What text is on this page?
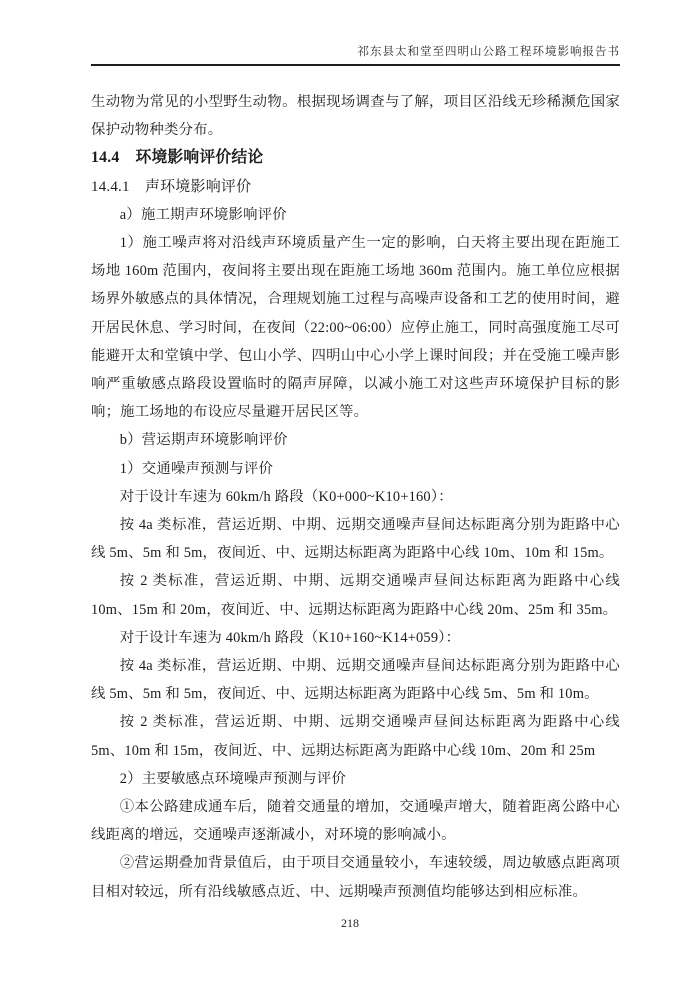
祁东县太和堂至四明山公路工程环境影响报告书

生动物为常见的小型野生动物。根据现场调查与了解，项目区沿线无珍稀濒危国家保护动物种类分布。

14.4　环境影响评价结论

14.4.1　声环境影响评价

a）施工期声环境影响评价

1）施工噪声将对沿线声环境质量产生一定的影响，白天将主要出现在距施工场地 160m 范围内，夜间将主要出现在距施工场地 360m 范围内。施工单位应根据场界外敏感点的具体情况，合理规划施工过程与高噪声设备和工艺的使用时间，避开居民休息、学习时间，在夜间（22:00~06:00）应停止施工，同时高强度施工尽可能避开太和堂镇中学、包山小学、四明山中心小学上课时间段；并在受施工噪声影响严重敏感点路段设置临时的隔声屏障，以减小施工对这些声环境保护目标的影响；施工场地的布设应尽量避开居民区等。

b）营运期声环境影响评价

1）交通噪声预测与评价

对于设计车速为 60km/h 路段（K0+000~K10+160）：

按 4a 类标准，营运近期、中期、远期交通噪声昼间达标距离分别为距路中心线 5m、5m 和 5m，夜间近、中、远期达标距离为距路中心线 10m、10m 和 15m。

按 2 类标准，营运近期、中期、远期交通噪声昼间达标距离为距路中心线 10m、15m 和 20m，夜间近、中、远期达标距离为距路中心线 20m、25m 和 35m。

对于设计车速为 40km/h 路段（K10+160~K14+059）：

按 4a 类标准，营运近期、中期、远期交通噪声昼间达标距离分别为距路中心线 5m、5m 和 5m，夜间近、中、远期达标距离为距路中心线 5m、5m 和 10m。

按 2 类标准，营运近期、中期、远期交通噪声昼间达标距离为距路中心线 5m、10m 和 15m，夜间近、中、远期达标距离为距路中心线 10m、20m 和 25m

2）主要敏感点环境噪声预测与评价

①本公路建成通车后，随着交通量的增加，交通噪声增大，随着距离公路中心线距离的增远，交通噪声逐渐减小，对环境的影响减小。

②营运期叠加背景值后，由于项目交通量较小，车速较缓，周边敏感点距离项目相对较远，所有沿线敏感点近、中、远期噪声预测值均能够达到相应标准。

218
